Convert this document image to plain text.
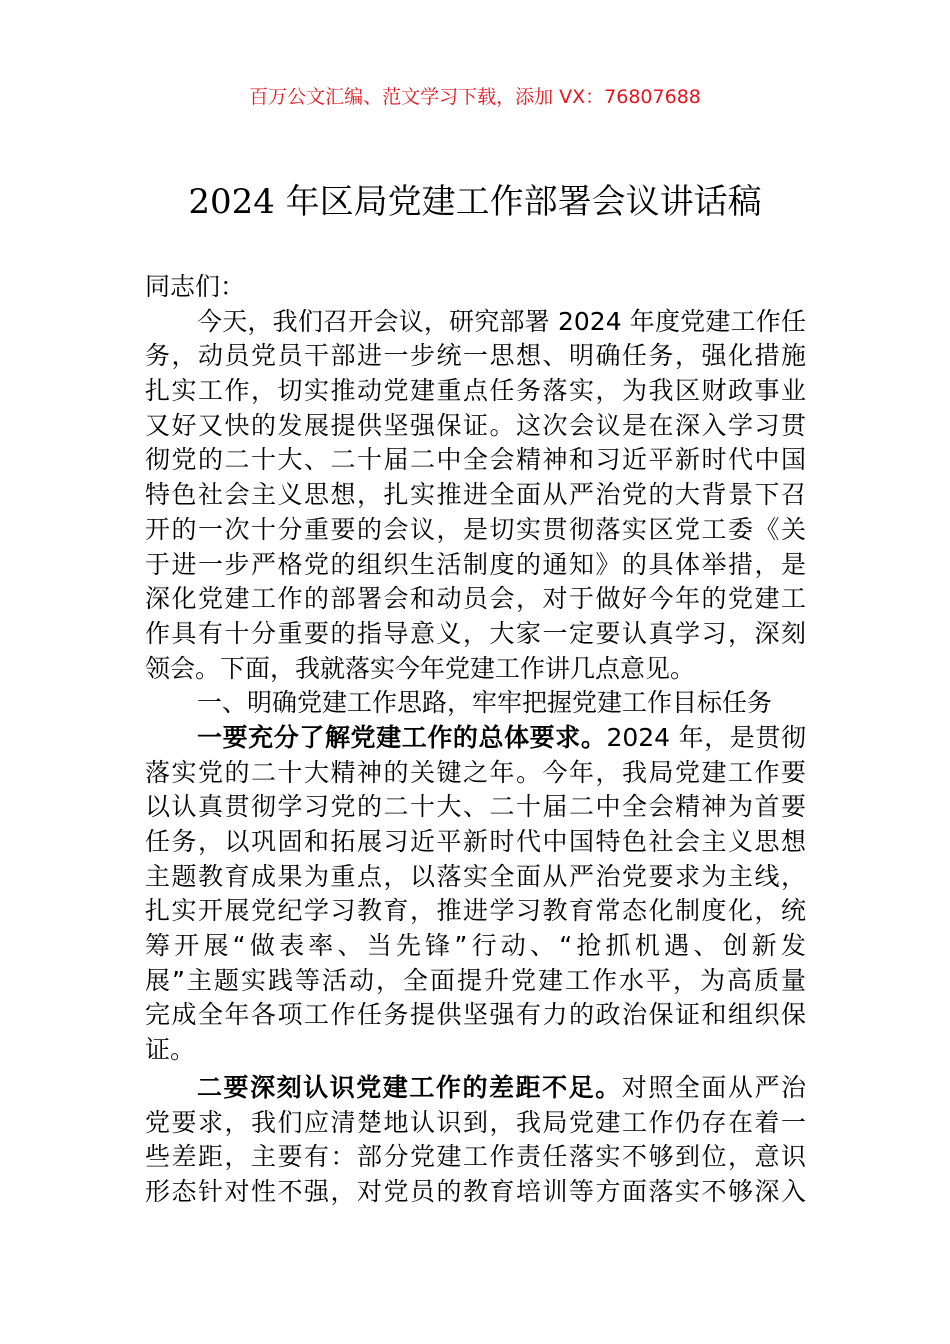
百万公文汇编、范文学习下载，添加 VX：76807688
2024 年区局党建工作部署会议讲话稿
同志们：
今天，我们召开会议，研究部署 2024 年度党建工作任
务，动员党员干部进一步统一思想、明确任务，强化措施
扎实工作，切实推动党建重点任务落实，为我区财政事业
又好又快的发展提供坚强保证。这次会议是在深入学习贯
彻党的二十大、二十届二中全会精神和习近平新时代中国
特色社会主义思想，扎实推进全面从严治党的大背景下召
开的一次十分重要的会议，是切实贯彻落实区党工委《关
于进一步严格党的组织生活制度的通知》的具体举措，是
深化党建工作的部署会和动员会，对于做好今年的党建工
作具有十分重要的指导意义，大家一定要认真学习，深刻
领会。下面，我就落实今年党建工作讲几点意见。
一、明确党建工作思路，牢牢把握党建工作目标任务
一要充分了解党建工作的总体要求。2024 年，是贯彻
落实党的二十大精神的关键之年。今年，我局党建工作要
以认真贯彻学习党的二十大、二十届二中全会精神为首要
任务，以巩固和拓展习近平新时代中国特色社会主义思想
主题教育成果为重点，以落实全面从严治党要求为主线，
扎实开展党纪学习教育，推进学习教育常态化制度化，统
筹开展“做表率、当先锋”行动、“抢抓机遇、创新发
展”主题实践等活动，全面提升党建工作水平，为高质量
完成全年各项工作任务提供坚强有力的政治保证和组织保
证。
二要深刻认识党建工作的差距不足。对照全面从严治
党要求，我们应清楚地认识到，我局党建工作仍存在着一
些差距，主要有：部分党建工作责任落实不够到位，意识
形态针对性不强，对党员的教育培训等方面落实不够深入
